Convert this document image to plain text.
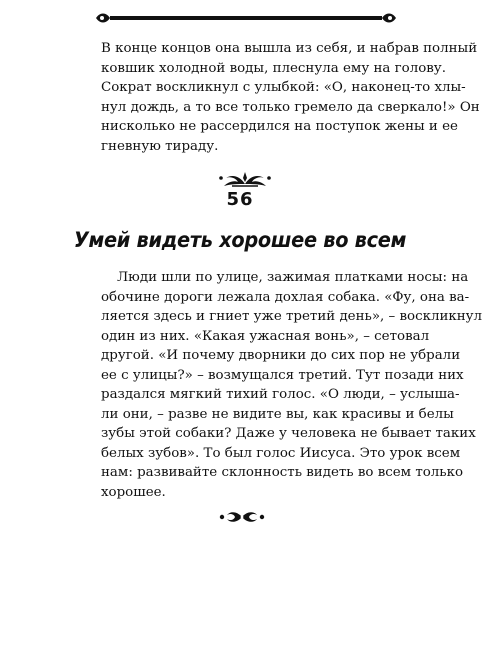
В конце концов она вышла из себя, и набрав полный
ковшик холодной воды, плеснула ему на голову.
Сократ воскликнул с улыбкой: «О, наконец-то хлы-
нул дождь, а то все только гремело да сверкало!» Он
нисколько не рассердился на поступок жены и ее
гневную тираду.
56
Умей видеть хорошее во всем
Люди шли по улице, зажимая платками носы: на
обочине дороги лежала дохлая собака. «Фу, она ва-
ляется здесь и гниет уже третий день», – воскликнул
один из них. «Какая ужасная вонь», – сетовал
другой. «И почему дворники до сих пор не убрали
ее с улицы?» – возмущался третий. Тут позади них
раздался мягкий тихий голос. «О люди, – услыша-
ли они, – разве не видите вы, как красивы и белы
зубы этой собаки? Даже у человека не бывает таких
белых зубов». То был голос Иисуса. Это урок всем
нам: развивайте склонность видеть во всем только
хорошее.
